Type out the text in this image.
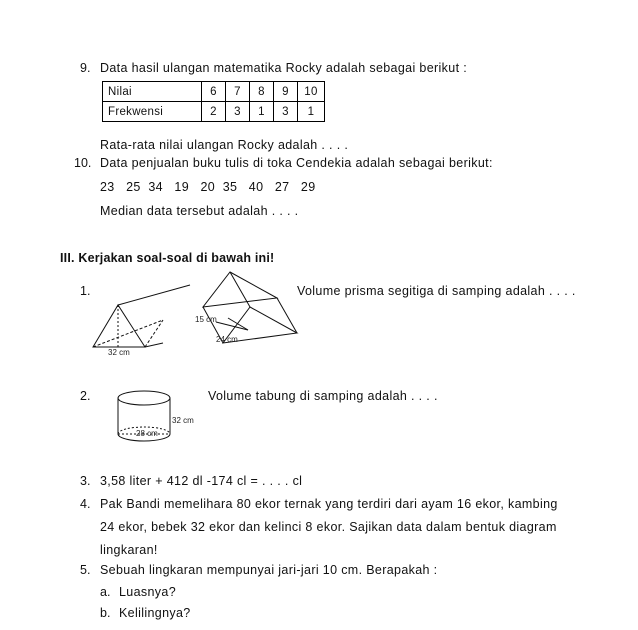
9. Data hasil ulangan matematika Rocky adalah sebagai berikut :
Nilai	6	7	8	9	10
Frekwensi	2	3	1	3	1
Rata-rata nilai ulangan Rocky adalah . . . .
10. Data penjualan buku tulis di toka Cendekia adalah sebagai berikut:
23   25  34   19   20  35   40   27   29
Median data tersebut adalah . . . .
III. Kerjakan soal-soal di bawah ini!
1.	Volume prisma segitiga di samping adalah . . . .
32 cm
15 cm
24 cm
2.	Volume tabung di samping adalah . . . .
32 cm
28 cm
3. 3,58 liter + 412 dl -174 cl = . . . . cl
4. Pak Bandi memelihara 80 ekor ternak yang terdiri dari ayam 16 ekor, kambing
24 ekor, bebek 32 ekor dan kelinci 8 ekor. Sajikan data dalam bentuk diagram
lingkaran!
5. Sebuah lingkaran mempunyai jari-jari 10 cm. Berapakah :
a. Luasnya?
b. Kelilingnya?
